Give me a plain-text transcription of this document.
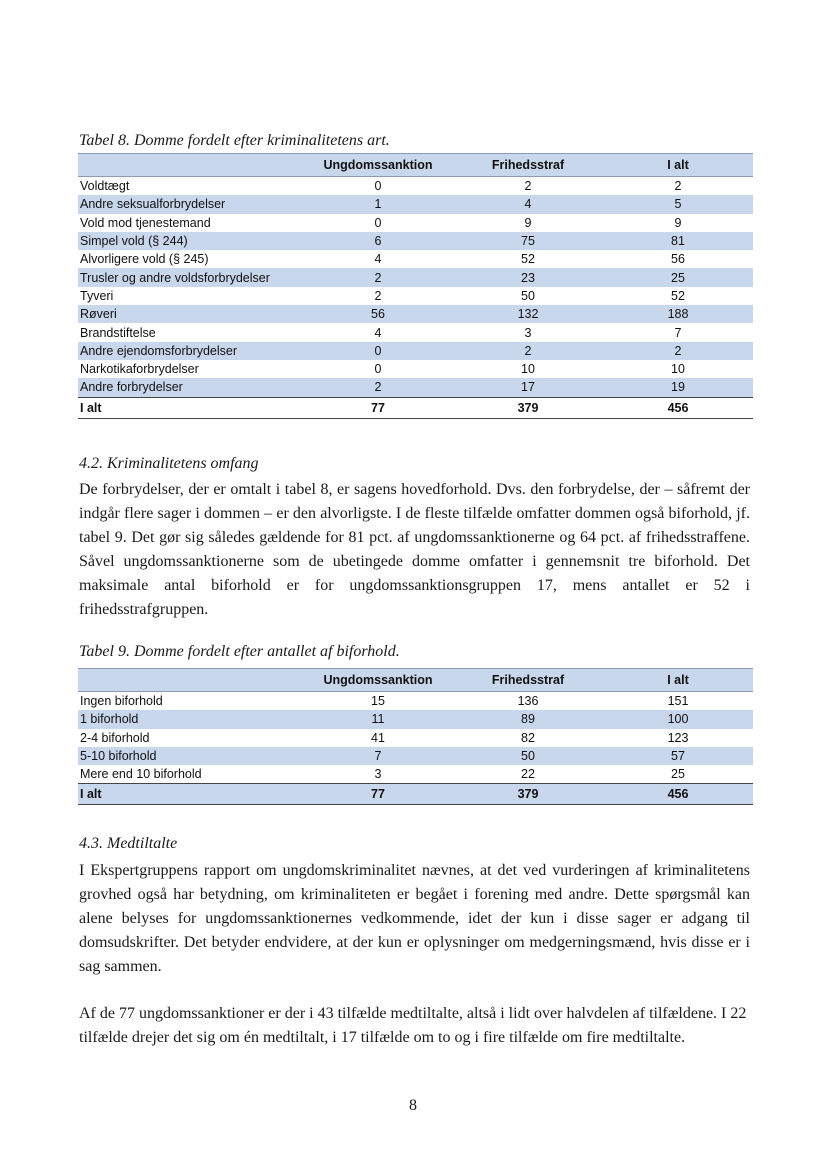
Tabel 8. Domme fordelt efter kriminalitetens art.

	Ungdomssanktion	Frihedsstraf	I alt
Voldtægt	0	2	2
Andre seksualforbrydelser	1	4	5
Vold mod tjenestemand	0	9	9
Simpel vold (§ 244)	6	75	81
Alvorligere vold (§ 245)	4	52	56
Trusler og andre voldsforbrydelser	2	23	25
Tyveri	2	50	52
Røveri	56	132	188
Brandstiftelse	4	3	7
Andre ejendomsforbrydelser	0	2	2
Narkotikaforbrydelser	0	10	10
Andre forbrydelser	2	17	19
I alt	77	379	456

4.2. Kriminalitetens omfang

De forbrydelser, der er omtalt i tabel 8, er sagens hovedforhold. Dvs. den forbrydelse, der – såfremt der indgår flere sager i dommen – er den alvorligste. I de fleste tilfælde omfatter dommen også biforhold, jf. tabel 9. Det gør sig således gældende for 81 pct. af ungdomssanktionerne og 64 pct. af frihedsstraffene. Såvel ungdomssanktionerne som de ubetingede domme omfatter i gennemsnit tre biforhold. Det maksimale antal biforhold er for ungdomssanktionsgruppen 17, mens antallet er 52 i frihedsstrafgruppen.

Tabel 9. Domme fordelt efter antallet af biforhold.

	Ungdomssanktion	Frihedsstraf	I alt
Ingen biforhold	15	136	151
1 biforhold	11	89	100
2-4 biforhold	41	82	123
5-10 biforhold	7	50	57
Mere end 10 biforhold	3	22	25
I alt	77	379	456

4.3. Medtiltalte

I Ekspertgruppens rapport om ungdomskriminalitet nævnes, at det ved vurderingen af kriminalitetens grovhed også har betydning, om kriminaliteten er begået i forening med andre. Dette spørgsmål kan alene belyses for ungdomssanktionernes vedkommende, idet der kun i disse sager er adgang til domsudskrifter. Det betyder endvidere, at der kun er oplysninger om medgerningsmænd, hvis disse er i sag sammen.

Af de 77 ungdomssanktioner er der i 43 tilfælde medtiltalte, altså i lidt over halvdelen af tilfældene. I 22 tilfælde drejer det sig om én medtiltalt, i 17 tilfælde om to og i fire tilfælde om fire medtiltalte.

8
